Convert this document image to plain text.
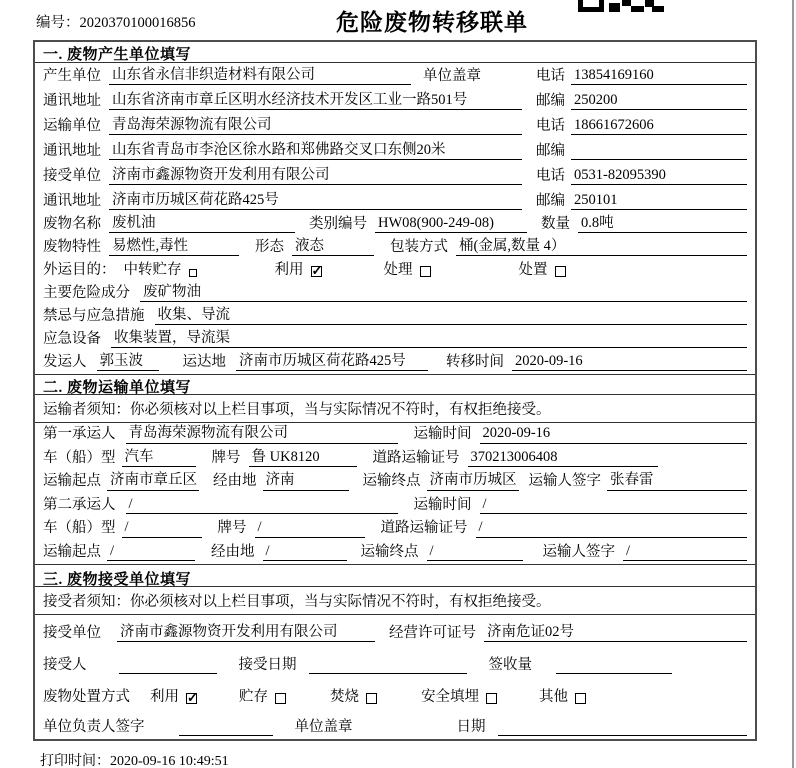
编号：2020370100016856	危险废物转移联单
一. 废物产生单位填写
产生单位 山东省永信非织造材料有限公司	单位盖章	电话 13854169160
通讯地址 山东省济南市章丘区明水经济技术开发区工业一路501号	邮编 250200
运输单位 青岛海荣源物流有限公司	电话 18661672606
通讯地址 山东省青岛市李沧区徐水路和郑佛路交叉口东侧20米	邮编
接受单位 济南市鑫源物资开发利用有限公司	电话 0531-82095390
通讯地址 济南市历城区荷花路425号	邮编 250101
废物名称 废机油	类别编号 HW08(900-249-08)	数量 0.8吨
废物特性 易燃性,毒性	形态 液态	包装方式 桶(金属,数量 4）
外运目的： 中转贮存	利用 ✓	处理	处置
主要危险成分 废矿物油
禁忌与应急措施 收集、导流
应急设备 收集装置，导流渠
发运人 郭玉波	运达地 济南市历城区荷花路425号	转移时间 2020-09-16
二. 废物运输单位填写
运输者须知：你必须核对以上栏目事项，当与实际情况不符时，有权拒绝接受。
第一承运人 青岛海荣源物流有限公司	运输时间 2020-09-16
车（船）型 汽车	牌号 鲁 UK8120	道路运输证号 370213006408
运输起点 济南市章丘区 经由地 济南	运输终点 济南市历城区 运输人签字 张春雷
第二承运人 /	运输时间 /
车（船）型 /	牌号 /	道路运输证号 /
运输起点 /	经由地 /	运输终点 /	运输人签字 /
三. 废物接受单位填写
接受者须知：你必须核对以上栏目事项，当与实际情况不符时，有权拒绝接受。
接受单位 济南市鑫源物资开发利用有限公司	经营许可证号 济南危证02号
接受人	接受日期	签收量
废物处置方式 利用 ✓	贮存	焚烧	安全填埋	其他
单位负责人签字	单位盖章	日期
打印时间：2020-09-16 10:49:51
